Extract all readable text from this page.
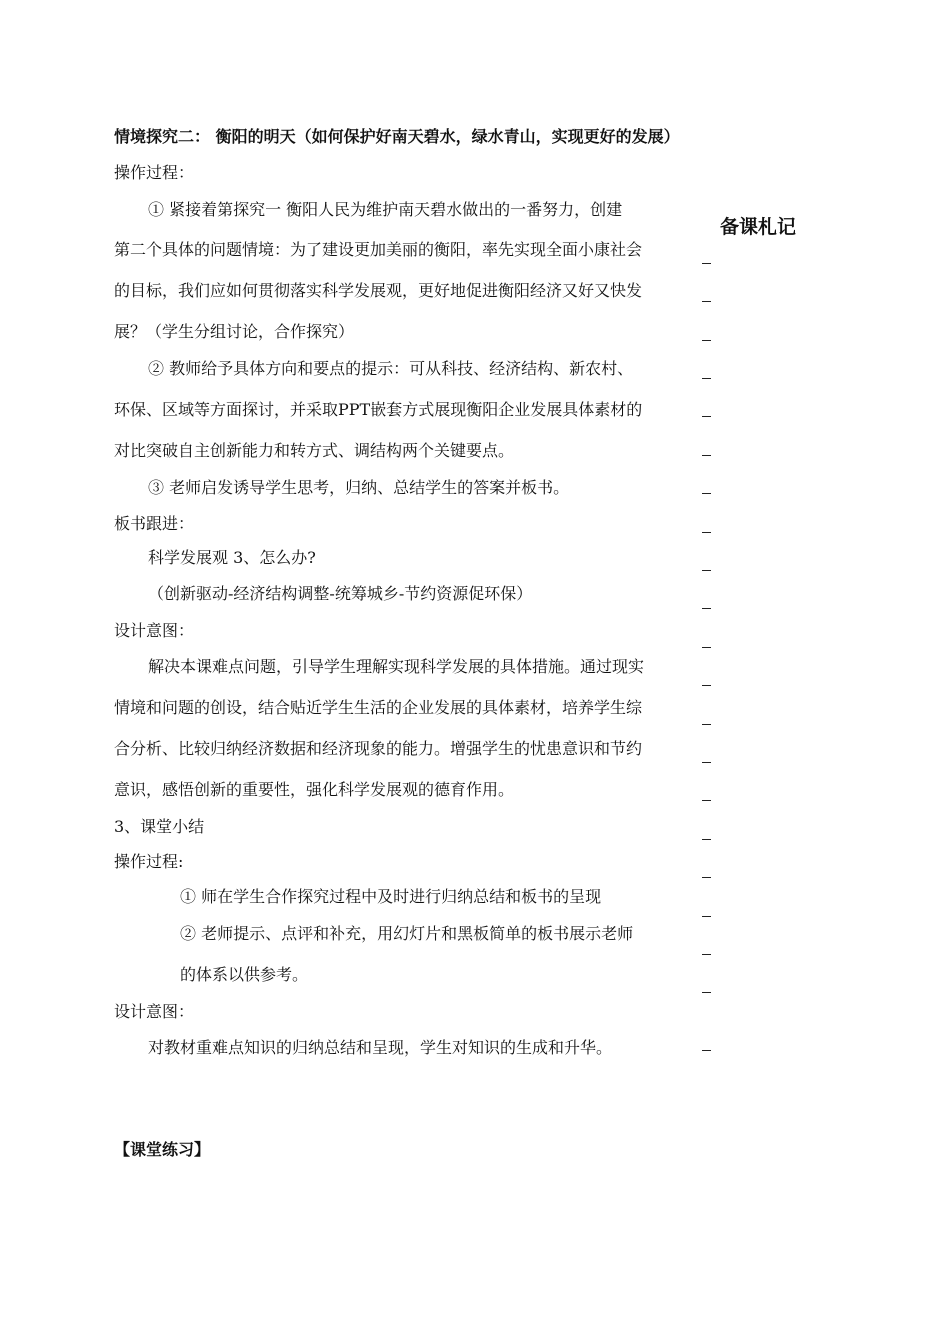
情境探究二： 衡阳的明天（如何保护好南天碧水，绿水青山，实现更好的发展）
操作过程：
① 紧接着第探究一 衡阳人民为维护南天碧水做出的一番努力，创建
第二个具体的问题情境：为了建设更加美丽的衡阳，率先实现全面小康社会
的目标，我们应如何贯彻落实科学发展观，更好地促进衡阳经济又好又快发
展？（学生分组讨论，合作探究）
② 教师给予具体方向和要点的提示：可从科技、经济结构、新农村、
环保、区域等方面探讨，并采取PPT嵌套方式展现衡阳企业发展具体素材的
对比突破自主创新能力和转方式、调结构两个关键要点。
③ 老师启发诱导学生思考，归纳、总结学生的答案并板书。
板书跟进：
科学发展观 3、怎么办?
（创新驱动-经济结构调整-统筹城乡-节约资源促环保）
设计意图：
解决本课难点问题，引导学生理解实现科学发展的具体措施。通过现实
情境和问题的创设，结合贴近学生生活的企业发展的具体素材，培养学生综
合分析、比较归纳经济数据和经济现象的能力。增强学生的忧患意识和节约
意识，感悟创新的重要性，强化科学发展观的德育作用。
3、课堂小结
操作过程:
① 师在学生合作探究过程中及时进行归纳总结和板书的呈现
② 老师提示、点评和补充，用幻灯片和黑板简单的板书展示老师
的体系以供参考。
设计意图：
对教材重难点知识的归纳总结和呈现，学生对知识的生成和升华。
【课堂练习】
备课札记
